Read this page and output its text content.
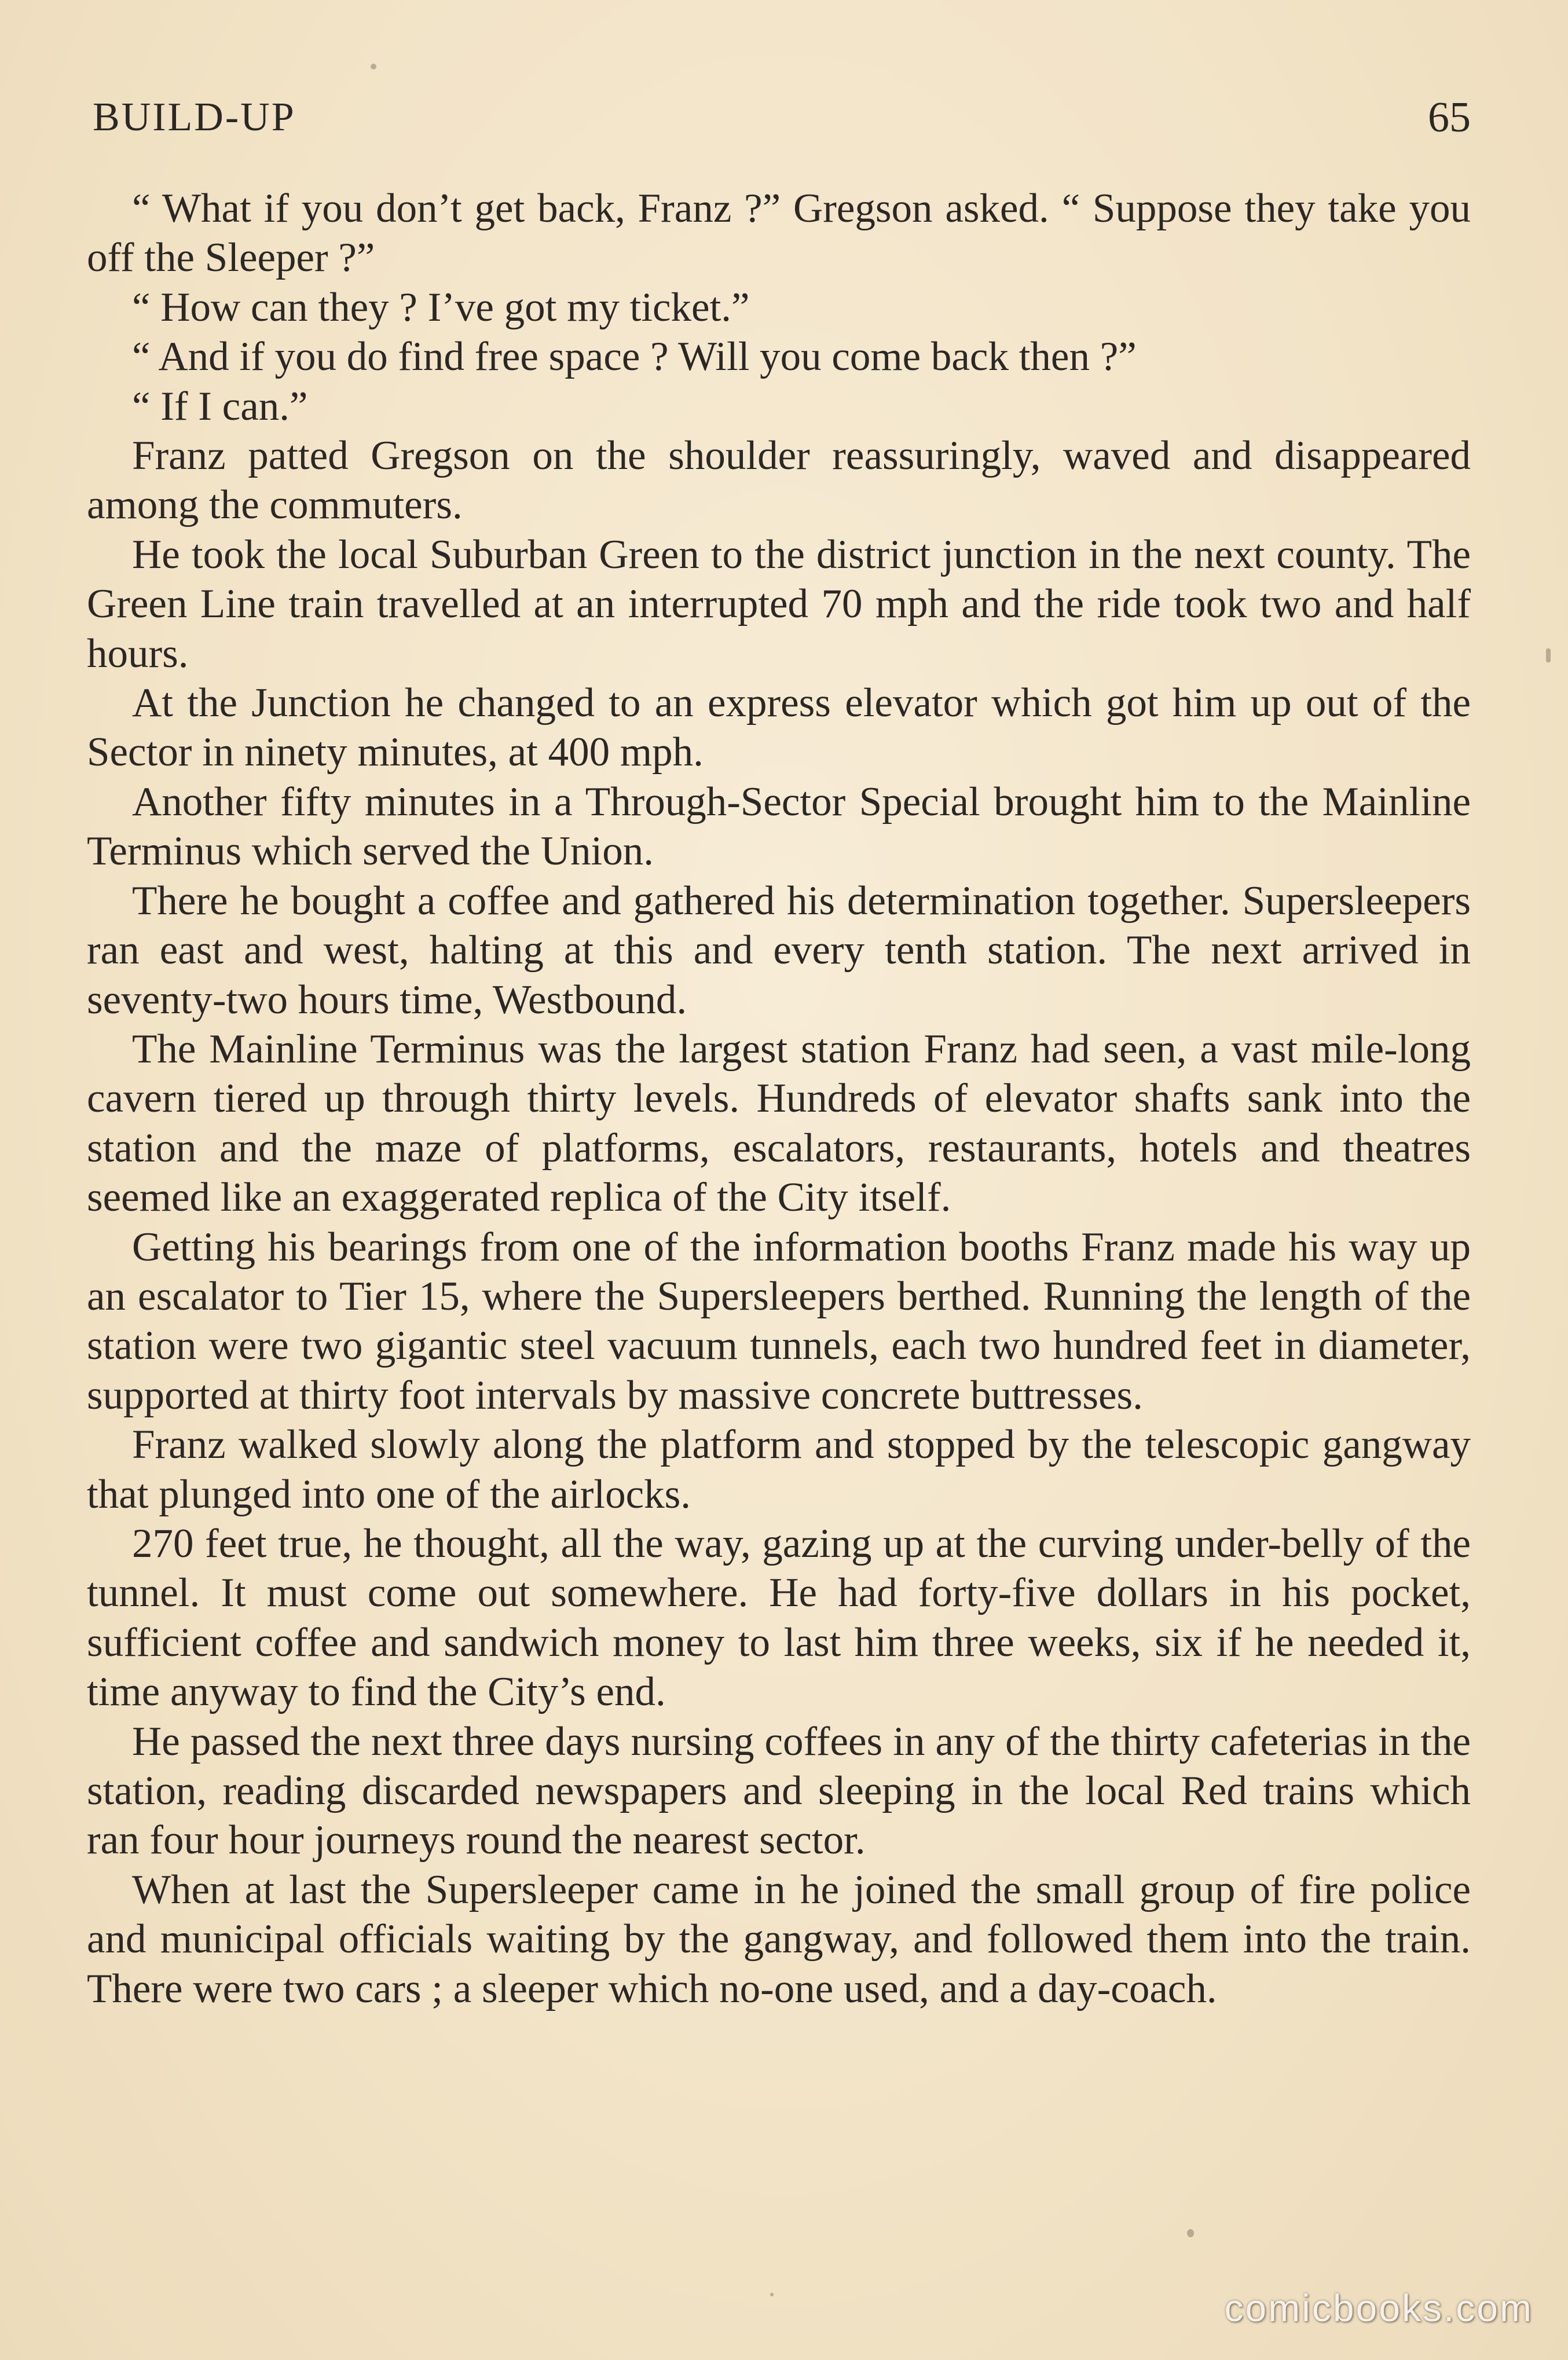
BUILD-UP	65

“ What if you don’t get back, Franz ?” Gregson asked. “ Suppose they take you off the Sleeper ?”

“ How can they ? I’ve got my ticket.”

“ And if you do find free space ? Will you come back then ?”

“ If I can.”

Franz patted Gregson on the shoulder reassuringly, waved and disappeared among the commuters.

He took the local Suburban Green to the district junction in the next county. The Green Line train travelled at an interrupted 70 mph and the ride took two and half hours.

At the Junction he changed to an express elevator which got him up out of the Sector in ninety minutes, at 400 mph.

Another fifty minutes in a Through-Sector Special brought him to the Mainline Terminus which served the Union.

There he bought a coffee and gathered his determination together. Supersleepers ran east and west, halting at this and every tenth station. The next arrived in seventy-two hours time, Westbound.

The Mainline Terminus was the largest station Franz had seen, a vast mile-long cavern tiered up through thirty levels. Hundreds of elevator shafts sank into the station and the maze of platforms, escalators, restaurants, hotels and theatres seemed like an exaggerated replica of the City itself.

Getting his bearings from one of the information booths Franz made his way up an escalator to Tier 15, where the Supersleepers berthed. Running the length of the station were two gigantic steel vacuum tunnels, each two hundred feet in diameter, supported at thirty foot intervals by massive concrete buttresses.

Franz walked slowly along the platform and stopped by the telescopic gangway that plunged into one of the airlocks.

270 feet true, he thought, all the way, gazing up at the curving under-belly of the tunnel. It must come out somewhere. He had forty-five dollars in his pocket, sufficient coffee and sandwich money to last him three weeks, six if he needed it, time anyway to find the City’s end.

He passed the next three days nursing coffees in any of the thirty cafeterias in the station, reading discarded newspapers and sleeping in the local Red trains which ran four hour journeys round the nearest sector.

When at last the Supersleeper came in he joined the small group of fire police and municipal officials waiting by the gangway, and followed them into the train. There were two cars ; a sleeper which no-one used, and a day-coach.

comicbooks.com
